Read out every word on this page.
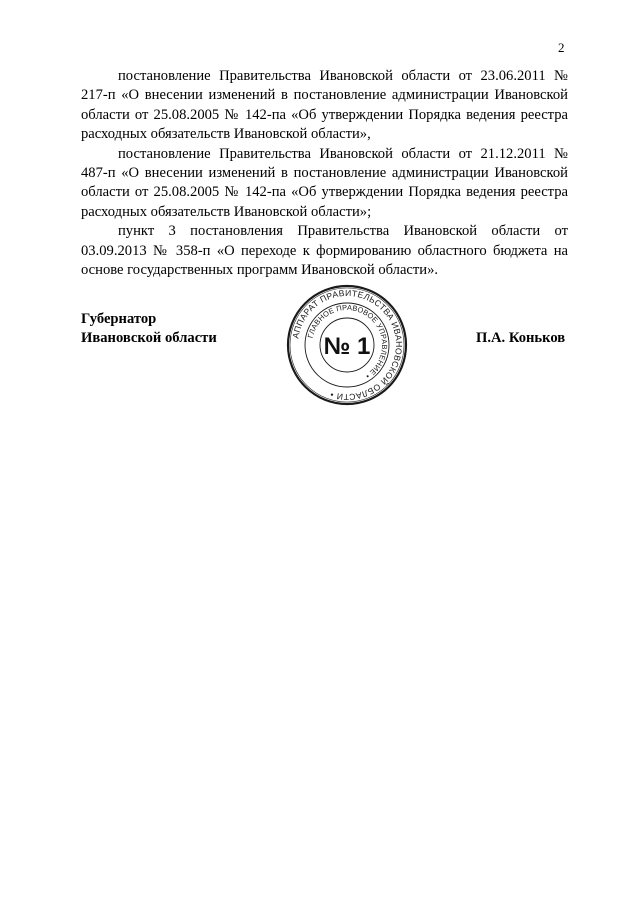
2

постановление Правительства Ивановской области от 23.06.2011 № 217-п «О внесении изменений в постановление администрации Ивановской области от 25.08.2005 № 142-па «Об утверждении Порядка ведения реестра расходных обязательств Ивановской области»,

постановление Правительства Ивановской области от 21.12.2011 № 487-п «О внесении изменений в постановление администрации Ивановской области от 25.08.2005 № 142-па «Об утверждении Порядка ведения реестра расходных обязательств Ивановской области»;

пункт 3 постановления Правительства Ивановской области от 03.09.2013 № 358-п «О переходе к формированию областного бюджета на основе государственных программ Ивановской области».

Губернатор
Ивановской области	П.А. Коньков
АППАРАТ ПРАВИТЕЛЬСТВА ИВАНОВСКОЙ ОБЛАСТИ •
ГЛАВНОЕ ПРАВОВОЕ УПРАВЛЕНИЕ •
№ 1
